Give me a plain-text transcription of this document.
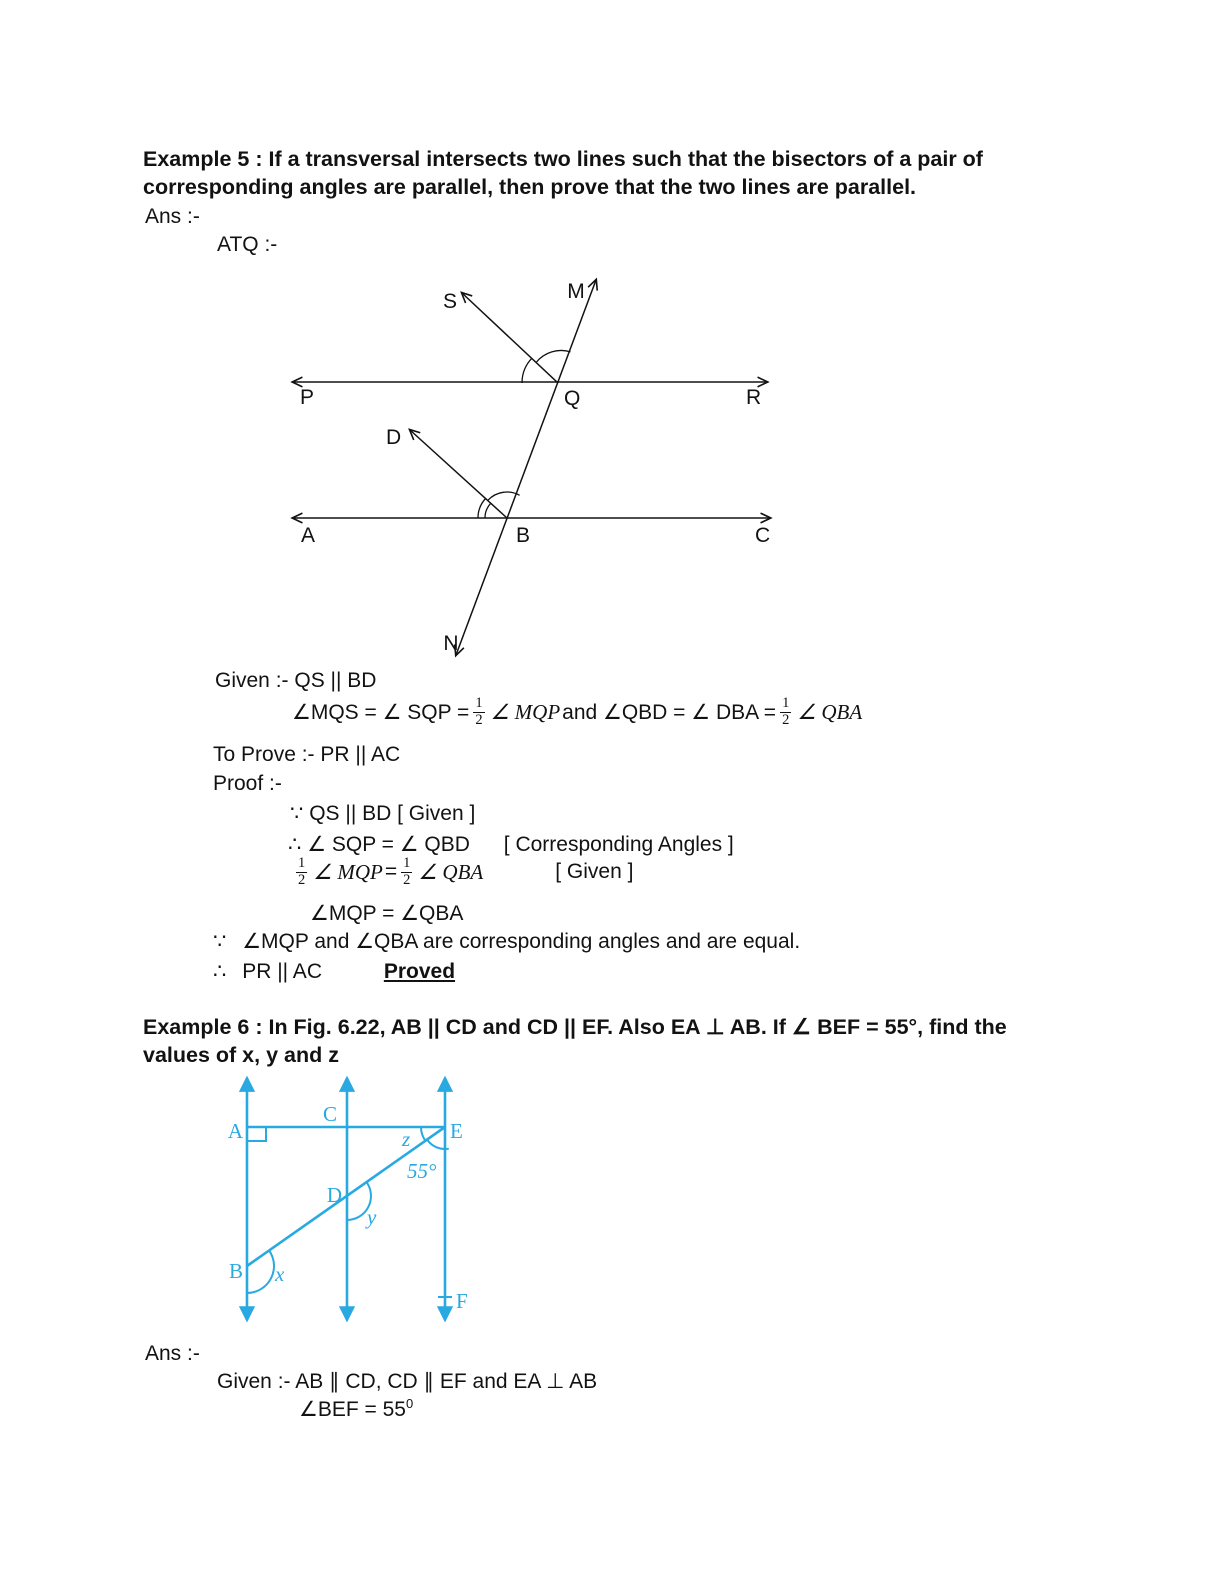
Example 5 : If a transversal intersects two lines such that the bisectors of a pair of
corresponding angles are parallel, then prove that the two lines are parallel.
Ans :-
ATQ :-
M
S
P	Q	R
D
A	B	C
N
Given :- QS || BD
∠MQS = ∠ SQP = $\frac{1}{2}$ ∠ MQP and ∠QBD = ∠ DBA = $\frac{1}{2}$ ∠ QBA
To Prove :- PR || AC
Proof :-
∵ QS || BD [ Given ]
∴ ∠ SQP = ∠ QBD [ Corresponding Angles ]
$\frac{1}{2}$ ∠ MQP = $\frac{1}{2}$ ∠ QBA	[ Given ]
∠MQP = ∠QBA
∵ ∠MQP and ∠QBA are corresponding angles and are equal.
∴ PR || AC	Proved
Example 6 : In Fig. 6.22, AB || CD and CD || EF. Also EA ⊥ AB. If ∠ BEF = 55°, find the
values of x, y and z
A
C
E
B
D
F
x
y
z
55°
Ans :-
Given :- AB ∥ CD, CD ∥ EF and EA ⊥ AB
∠BEF = $55^0$
